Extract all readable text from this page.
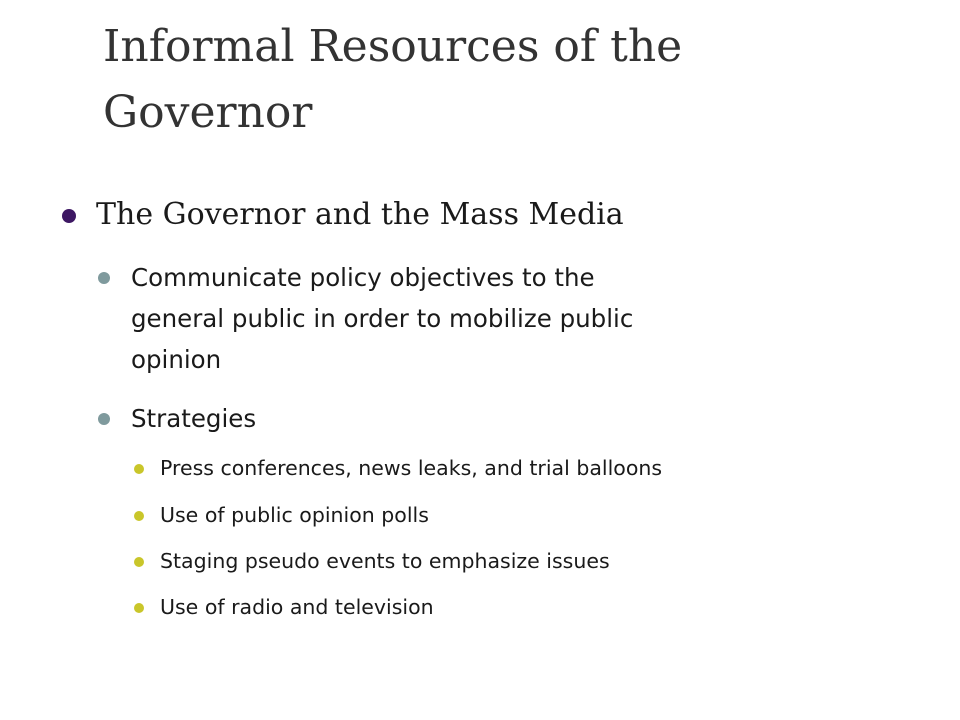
Informal Resources of the
Governor
The Governor and the Mass Media
Communicate policy objectives to the
general public in order to mobilize public
opinion
Strategies
Press conferences, news leaks, and trial balloons
Use of public opinion polls
Staging pseudo events to emphasize issues
Use of radio and television
